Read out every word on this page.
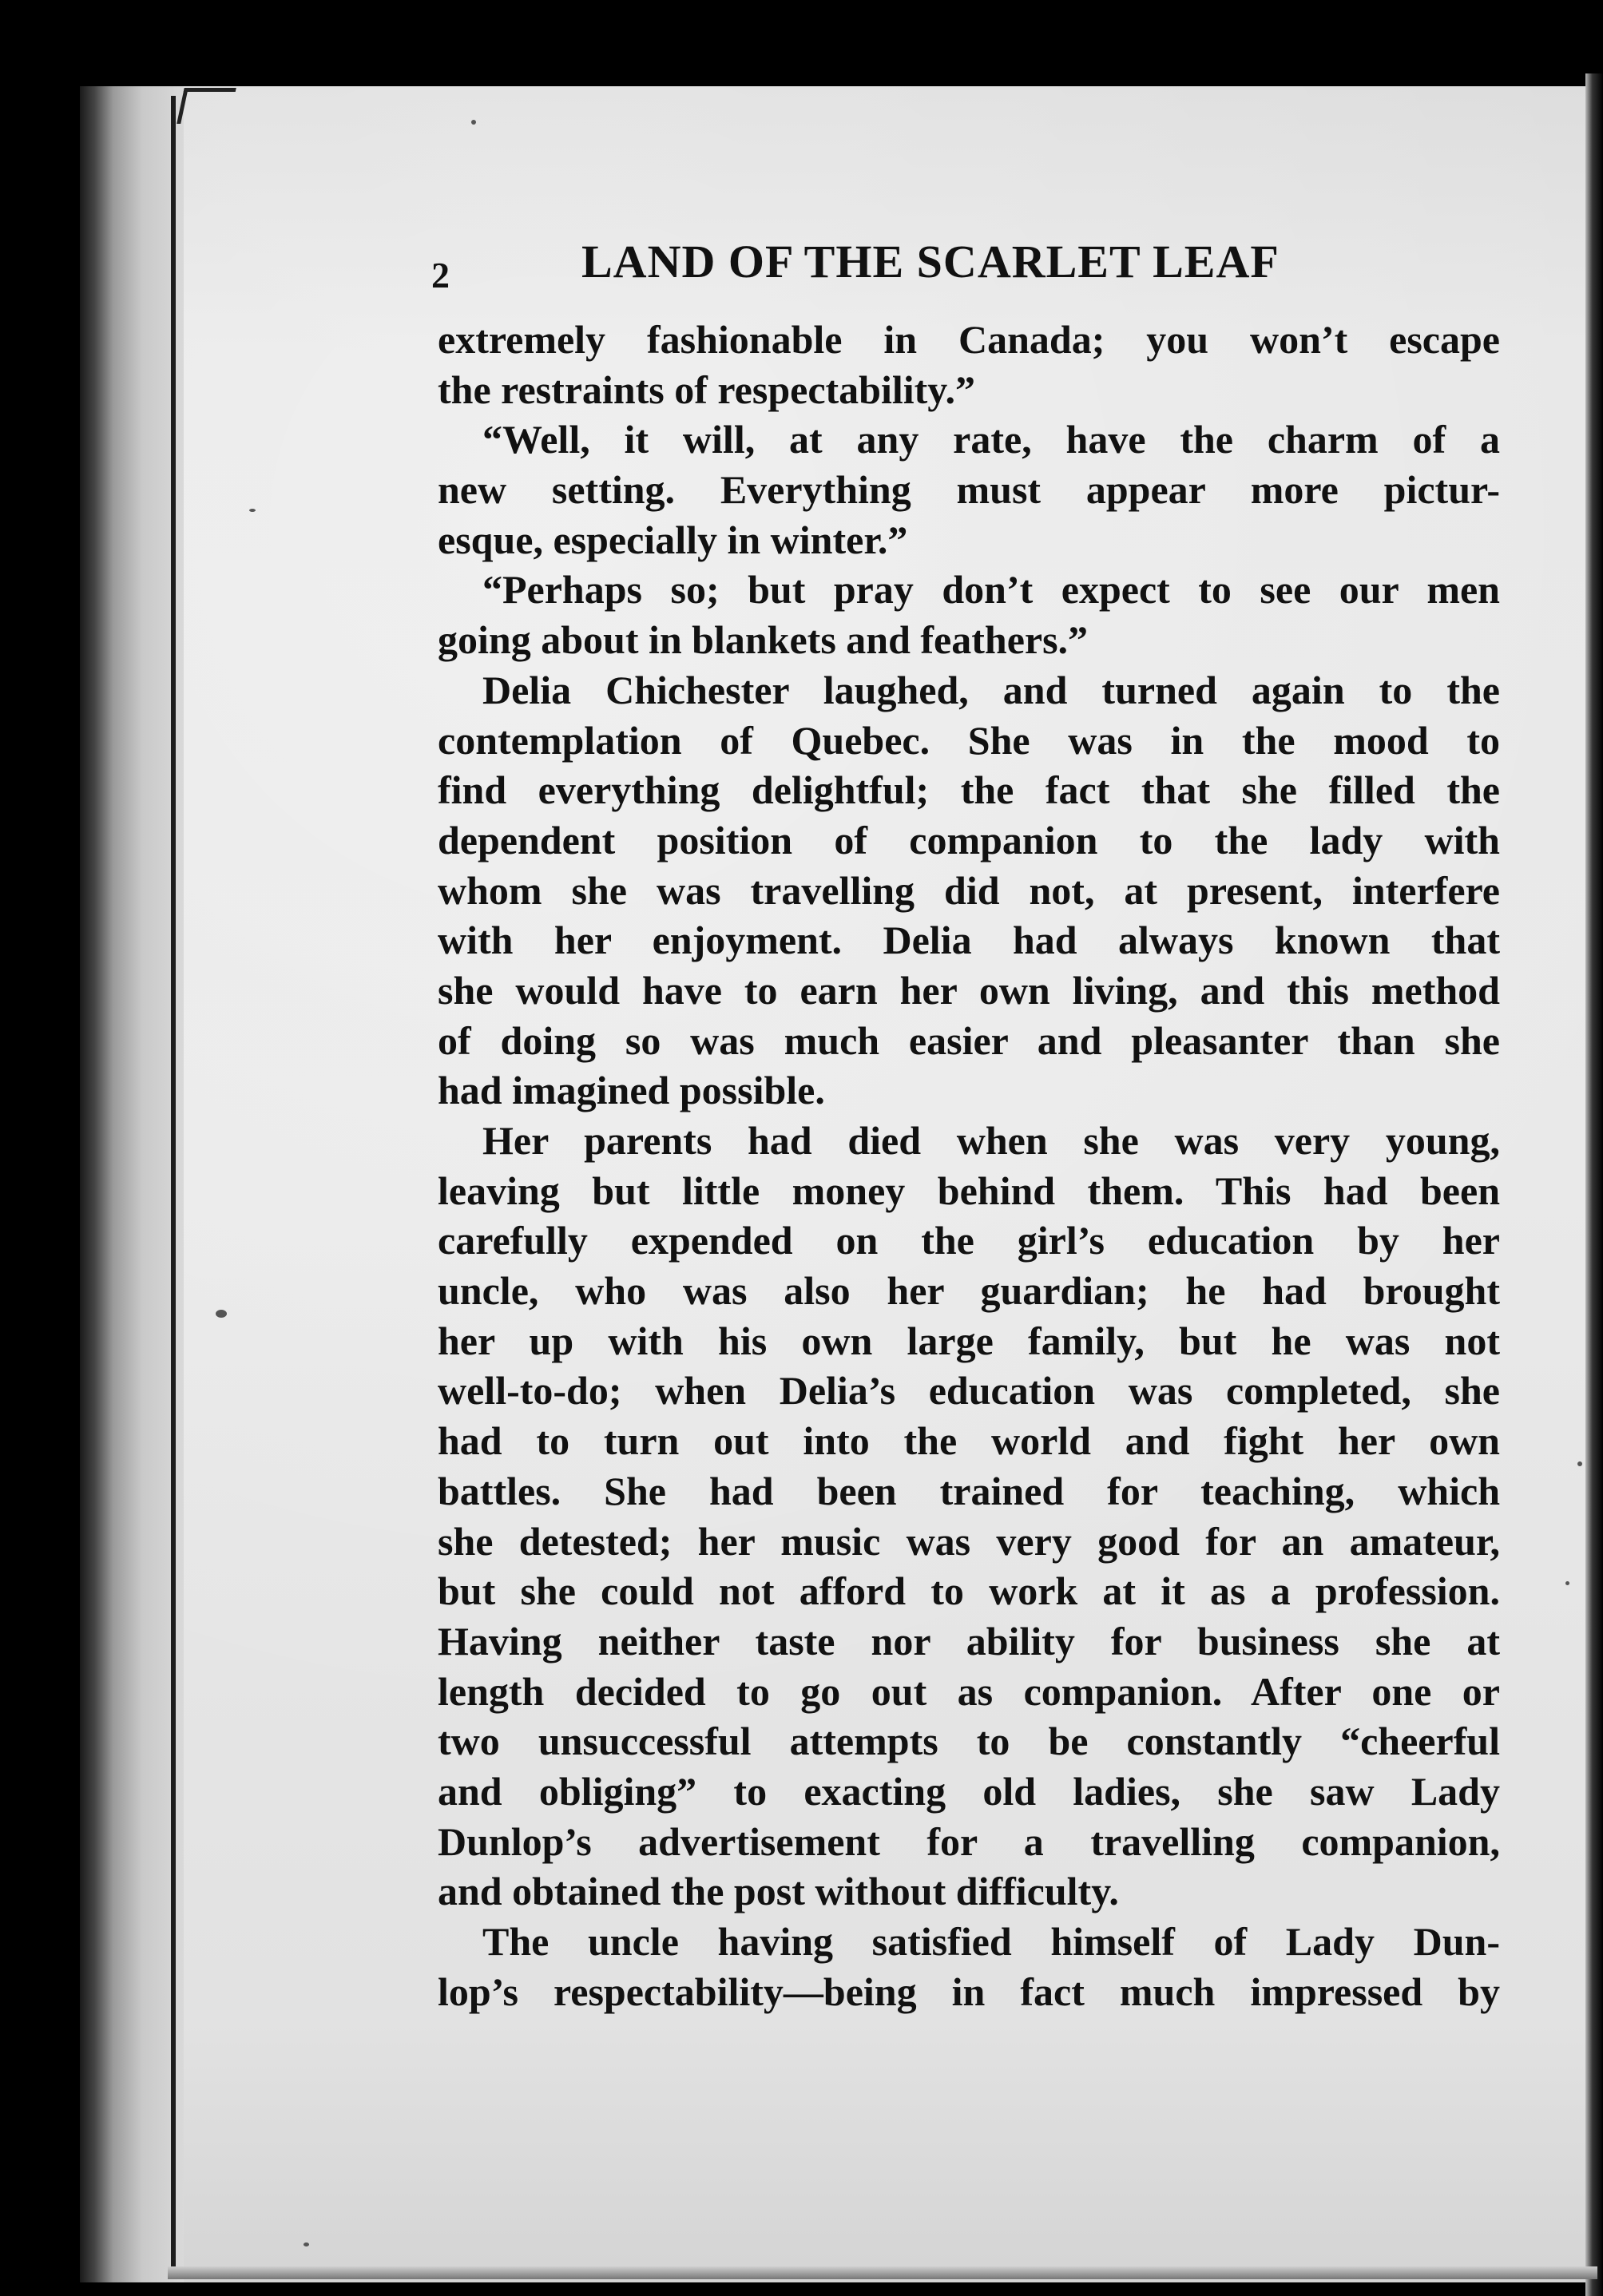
2	LAND OF THE SCARLET LEAF
extremely fashionable in Canada; you won’t escape
the restraints of respectability.”
“Well, it will, at any rate, have the charm of a
new setting. Everything must appear more pictur-
esque, especially in winter.”
“Perhaps so; but pray don’t expect to see our men
going about in blankets and feathers.”
Delia Chichester laughed, and turned again to the
contemplation of Quebec. She was in the mood to
find everything delightful; the fact that she filled the
dependent position of companion to the lady with
whom she was travelling did not, at present, interfere
with her enjoyment. Delia had always known that
she would have to earn her own living, and this method
of doing so was much easier and pleasanter than she
had imagined possible.
Her parents had died when she was very young,
leaving but little money behind them. This had been
carefully expended on the girl’s education by her
uncle, who was also her guardian; he had brought
her up with his own large family, but he was not
well-to-do; when Delia’s education was completed, she
had to turn out into the world and fight her own
battles. She had been trained for teaching, which
she detested; her music was very good for an amateur,
but she could not afford to work at it as a profession.
Having neither taste nor ability for business she at
length decided to go out as companion. After one or
two unsuccessful attempts to be constantly “cheerful
and obliging” to exacting old ladies, she saw Lady
Dunlop’s advertisement for a travelling companion,
and obtained the post without difficulty.
The uncle having satisfied himself of Lady Dun-
lop’s respectability—being in fact much impressed by
